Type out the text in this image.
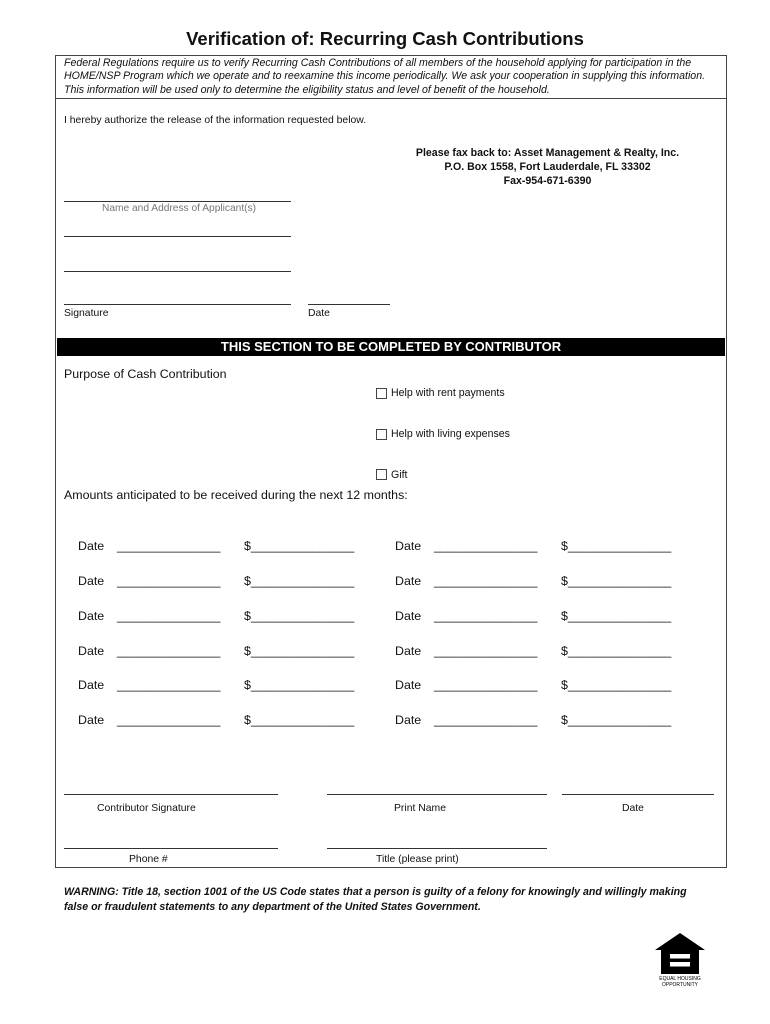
Verification of: Recurring Cash Contributions
Federal Regulations require us to verify Recurring Cash Contributions of all members of the household applying for participation in the HOME/NSP Program which we operate and to reexamine this income periodically. We ask your cooperation in supplying this information. This information will be used only to determine the eligibility status and level of benefit of the household.
I hereby authorize the release of the information requested below.
Please fax back to: Asset Management & Realty, Inc.
P.O. Box 1558, Fort Lauderdale, FL 33302
Fax-954-671-6390
Name and Address of Applicant(s)
Signature	Date
THIS SECTION TO BE COMPLETED BY CONTRIBUTOR
Purpose of Cash Contribution
Help with rent payments
Help with living expenses
Gift
Amounts anticipated to be received during the next 12 months:
Date _______________ $_______________	Date _______________ $_______________
Date _______________ $_______________	Date _______________ $_______________
Date _______________ $_______________	Date _______________ $_______________
Date _______________ $_______________	Date _______________ $_______________
Date _______________ $_______________	Date _______________ $_______________
Date _______________ $_______________	Date _______________ $_______________
Contributor Signature	Print Name	Date
Phone #	Title (please print)
WARNING: Title 18, section 1001 of the US Code states that a person is guilty of a felony for knowingly and willingly making false or fraudulent statements to any department of the United States Government.
EQUAL HOUSING
OPPORTUNITY
